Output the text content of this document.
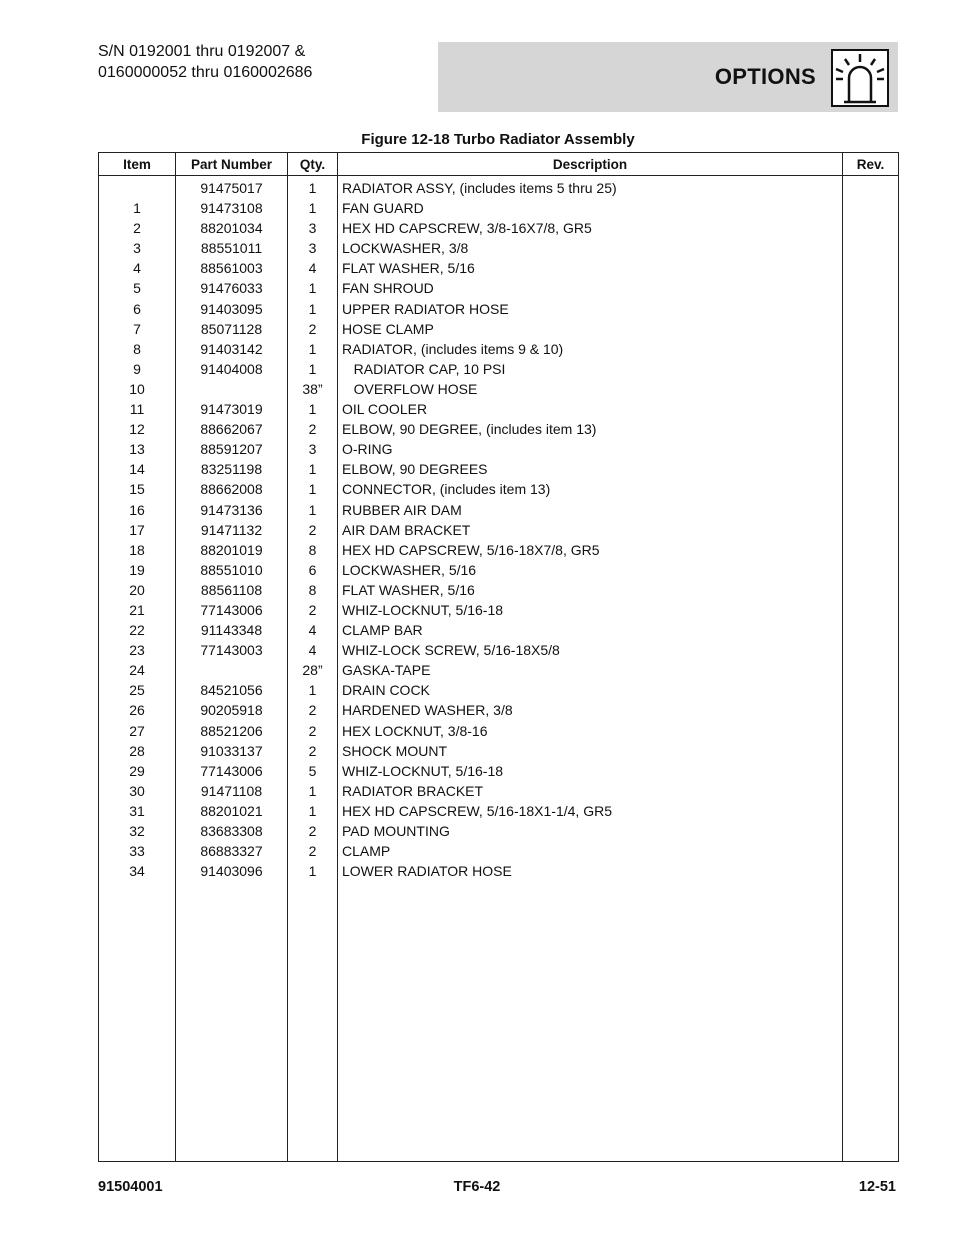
S/N 0192001 thru 0192007 &
0160000052 thru 0160002686	OPTIONS
Figure 12-18 Turbo Radiator Assembly
Item	Part Number	Qty.	Description	Rev.
	91475017	1	RADIATOR ASSY, (includes items 5 thru 25)	
1	91473108	1	FAN GUARD	
2	88201034	3	HEX HD CAPSCREW, 3/8-16X7/8, GR5	
3	88551011	3	LOCKWASHER, 3/8	
4	88561003	4	FLAT WASHER, 5/16	
5	91476033	1	FAN SHROUD	
6	91403095	1	UPPER RADIATOR HOSE	
7	85071128	2	HOSE CLAMP	
8	91403142	1	RADIATOR, (includes items 9 & 10)	
9	91404008	1	RADIATOR CAP, 10 PSI	
10		38”	OVERFLOW HOSE	
11	91473019	1	OIL COOLER	
12	88662067	2	ELBOW, 90 DEGREE, (includes item 13)	
13	88591207	3	O-RING	
14	83251198	1	ELBOW, 90 DEGREES	
15	88662008	1	CONNECTOR, (includes item 13)	
16	91473136	1	RUBBER AIR DAM	
17	91471132	2	AIR DAM BRACKET	
18	88201019	8	HEX HD CAPSCREW, 5/16-18X7/8, GR5	
19	88551010	6	LOCKWASHER, 5/16	
20	88561108	8	FLAT WASHER, 5/16	
21	77143006	2	WHIZ-LOCKNUT, 5/16-18	
22	91143348	4	CLAMP BAR	
23	77143003	4	WHIZ-LOCK SCREW, 5/16-18X5/8	
24		28”	GASKA-TAPE	
25	84521056	1	DRAIN COCK	
26	90205918	2	HARDENED WASHER, 3/8	
27	88521206	2	HEX LOCKNUT, 3/8-16	
28	91033137	2	SHOCK MOUNT	
29	77143006	5	WHIZ-LOCKNUT, 5/16-18	
30	91471108	1	RADIATOR BRACKET	
31	88201021	1	HEX HD CAPSCREW, 5/16-18X1-1/4, GR5	
32	83683308	2	PAD MOUNTING	
33	86883327	2	CLAMP	
34	91403096	1	LOWER RADIATOR HOSE	

91504001	TF6-42	12-51
